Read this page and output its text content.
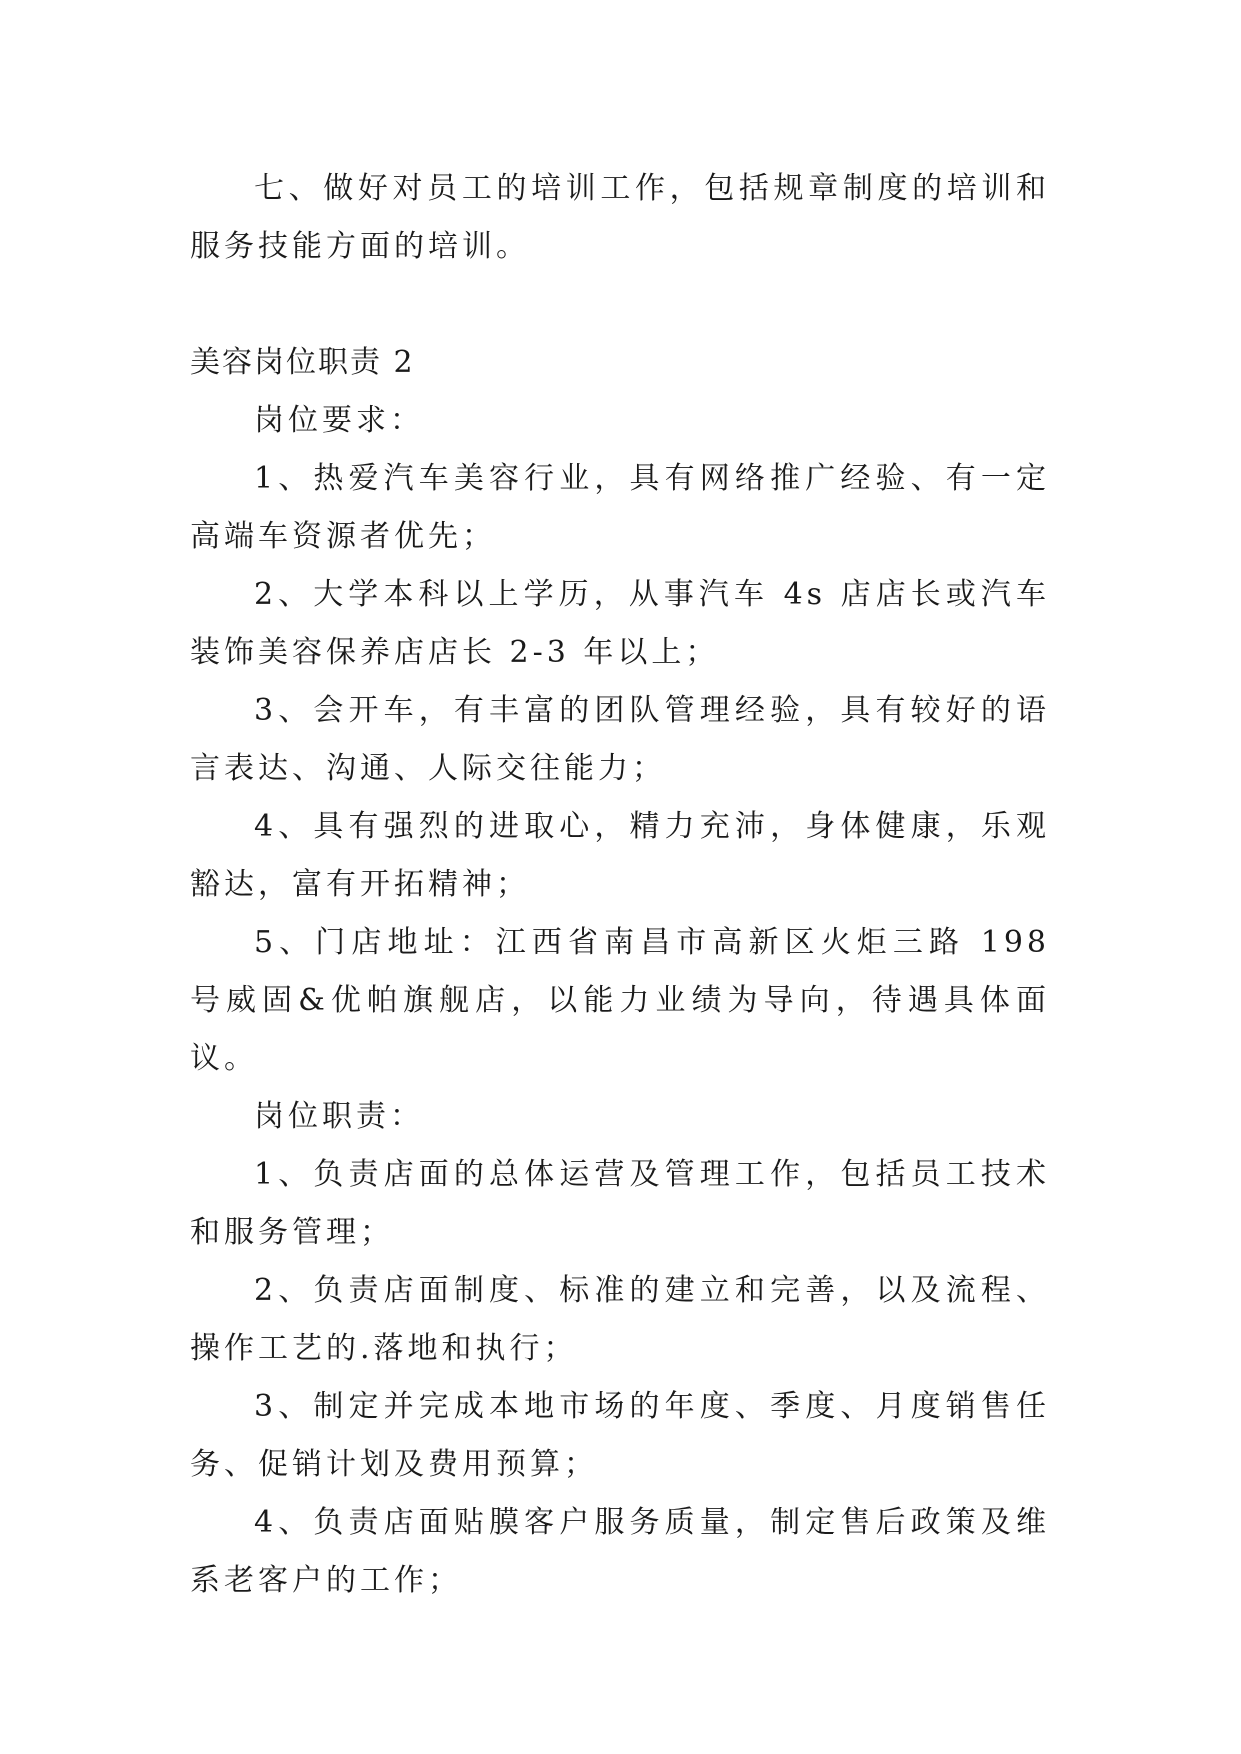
七、做好对员工的培训工作，包括规章制度的培训和服务技能方面的培训。

美容岗位职责 2

岗位要求：

1、热爱汽车美容行业，具有网络推广经验、有一定高端车资源者优先；

2、大学本科以上学历，从事汽车 4s 店店长或汽车装饰美容保养店店长 2-3 年以上；

3、会开车，有丰富的团队管理经验，具有较好的语言表达、沟通、人际交往能力；

4、具有强烈的进取心，精力充沛，身体健康，乐观豁达，富有开拓精神；

5、门店地址：江西省南昌市高新区火炬三路 198 号威固&优帕旗舰店，以能力业绩为导向，待遇具体面议。

岗位职责：

1、负责店面的总体运营及管理工作，包括员工技术和服务管理；

2、负责店面制度、标准的建立和完善，以及流程、操作工艺的.落地和执行；

3、制定并完成本地市场的年度、季度、月度销售任务、促销计划及费用预算；

4、负责店面贴膜客户服务质量，制定售后政策及维系老客户的工作；
